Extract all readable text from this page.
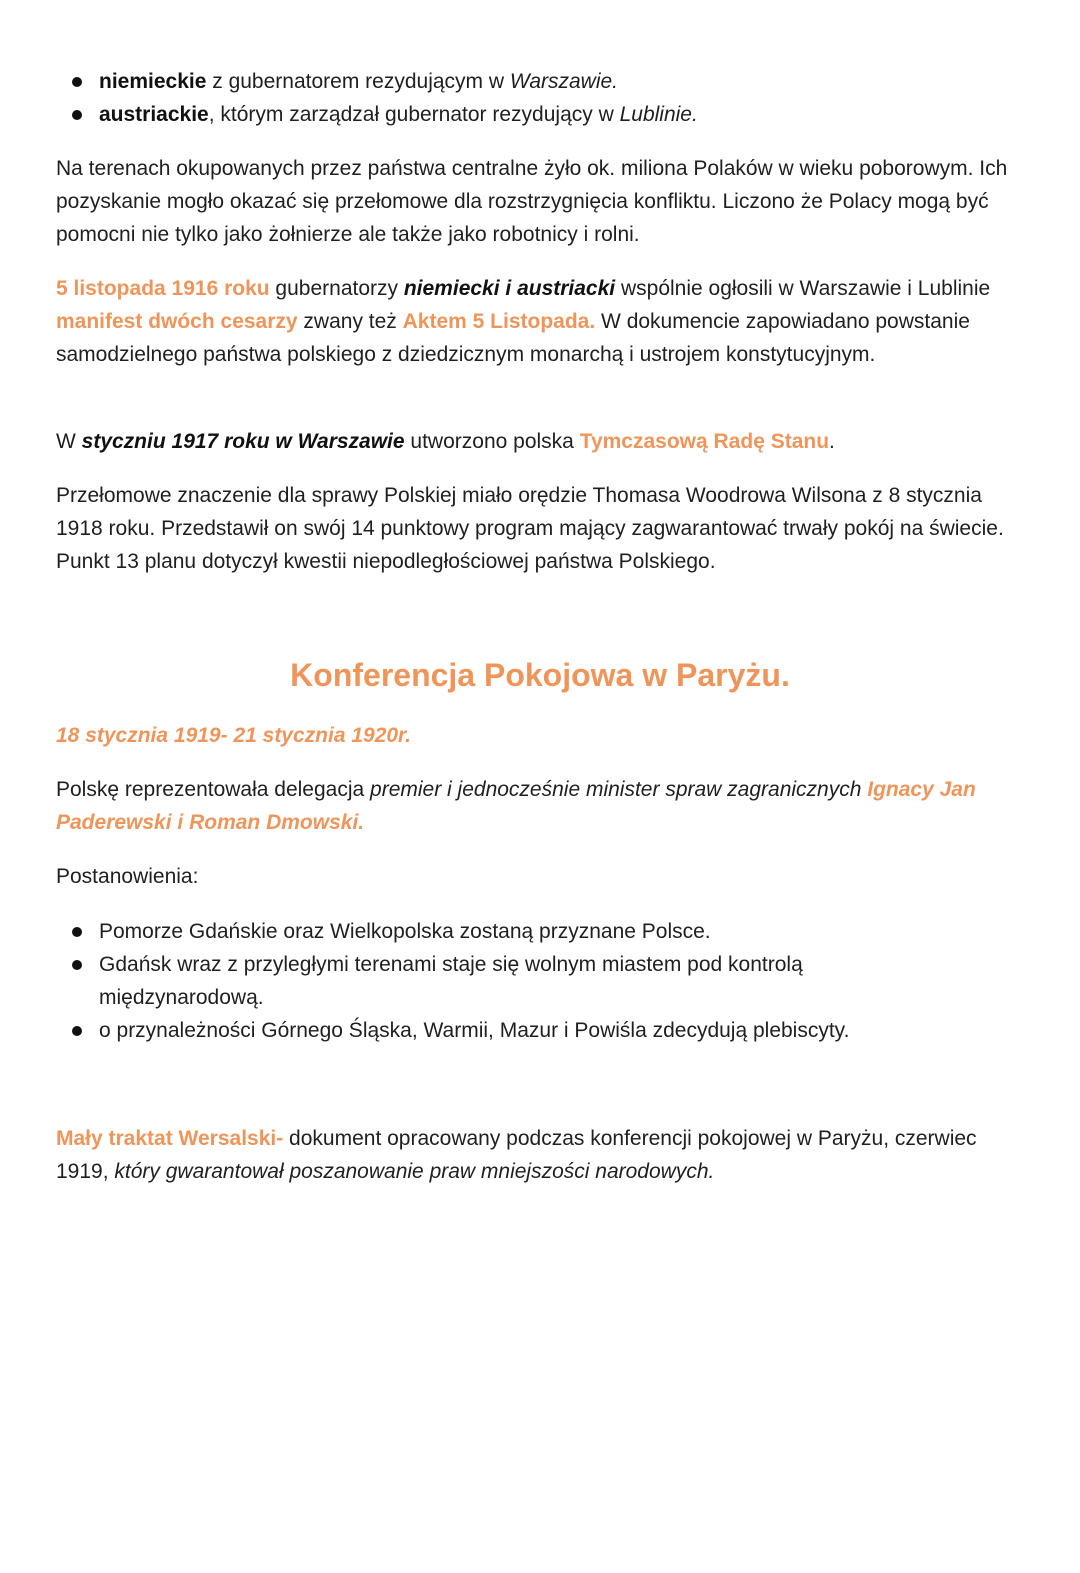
niemieckie z gubernatorem rezydującym w Warszawie.
austriackie, którym zarządzał gubernator rezydujący w Lublinie.

Na terenach okupowanych przez państwa centralne żyło ok. miliona Polaków w wieku poborowym. Ich pozyskanie mogło okazać się przełomowe dla rozstrzygnięcia konfliktu. Liczono że Polacy mogą być pomocni nie tylko jako żołnierze ale także jako robotnicy i rolni.

5 listopada 1916 roku gubernatorzy niemiecki i austriacki wspólnie ogłosili w Warszawie i Lublinie manifest dwóch cesarzy zwany też Aktem 5 Listopada. W dokumencie zapowiadano powstanie samodzielnego państwa polskiego z dziedzicznym monarchą i ustrojem konstytucyjnym.

W styczniu 1917 roku w Warszawie utworzono polska Tymczasową Radę Stanu.

Przełomowe znaczenie dla sprawy Polskiej miało orędzie Thomasa Woodrowa Wilsona z 8 stycznia 1918 roku. Przedstawił on swój 14 punktowy program mający zagwarantować trwały pokój na świecie. Punkt 13 planu dotyczył kwestii niepodległościowej państwa Polskiego.

Konferencja Pokojowa w Paryżu.

18 stycznia 1919- 21 stycznia 1920r.

Polskę reprezentowała delegacja premier i jednocześnie minister spraw zagranicznych Ignacy Jan Paderewski i Roman Dmowski.

Postanowienia:

Pomorze Gdańskie oraz Wielkopolska zostaną przyznane Polsce.
Gdańsk wraz z przyległymi terenami staje się wolnym miastem pod kontrolą międzynarodową.
o przynależności Górnego Śląska, Warmii, Mazur i Powiśla zdecydują plebiscyty.

Mały traktat Wersalski- dokument opracowany podczas konferencji pokojowej w Paryżu, czerwiec 1919, który gwarantował poszanowanie praw mniejszości narodowych.
